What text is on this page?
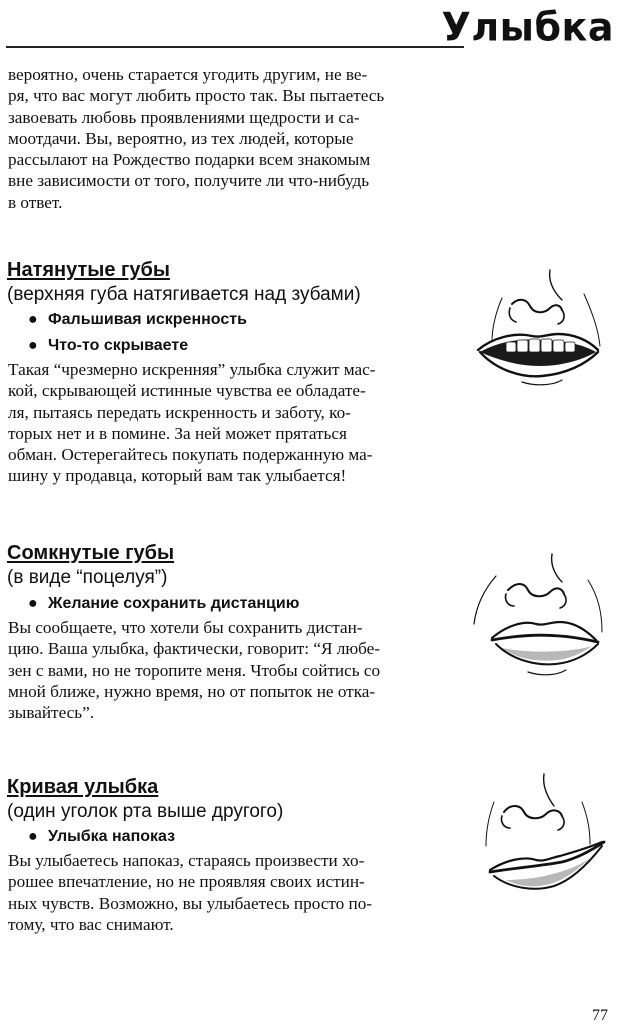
Улыбка
вероятно, очень старается угодить другим, не ве-
ря, что вас могут любить просто так. Вы пытаетесь
завоевать любовь проявлениями щедрости и са-
моотдачи. Вы, вероятно, из тех людей, которые
рассылают на Рождество подарки всем знакомым
вне зависимости от того, получите ли что-нибудь
в ответ.
Натянутые губы
(верхняя губа натягивается над зубами)
● Фальшивая искренность
● Что-то скрываете
Такая “чрезмерно искренняя” улыбка служит мас-
кой, скрывающей истинные чувства ее обладате-
ля, пытаясь передать искренность и заботу, ко-
торых нет и в помине. За ней может прятаться
обман. Остерегайтесь покупать подержанную ма-
шину у продавца, который вам так улыбается!
Сомкнутые губы
(в виде “поцелуя”)
● Желание сохранить дистанцию
Вы сообщаете, что хотели бы сохранить дистан-
цию. Ваша улыбка, фактически, говорит: “Я любе-
зен с вами, но не торопите меня. Чтобы сойтись со
мной ближе, нужно время, но от попыток не отка-
зывайтесь”.
Кривая улыбка
(один уголок рта выше другого)
● Улыбка напоказ
Вы улыбаетесь напоказ, стараясь произвести хо-
рошее впечатление, но не проявляя своих истин-
ных чувств. Возможно, вы улыбаетесь просто по-
тому, что вас снимают.
77
